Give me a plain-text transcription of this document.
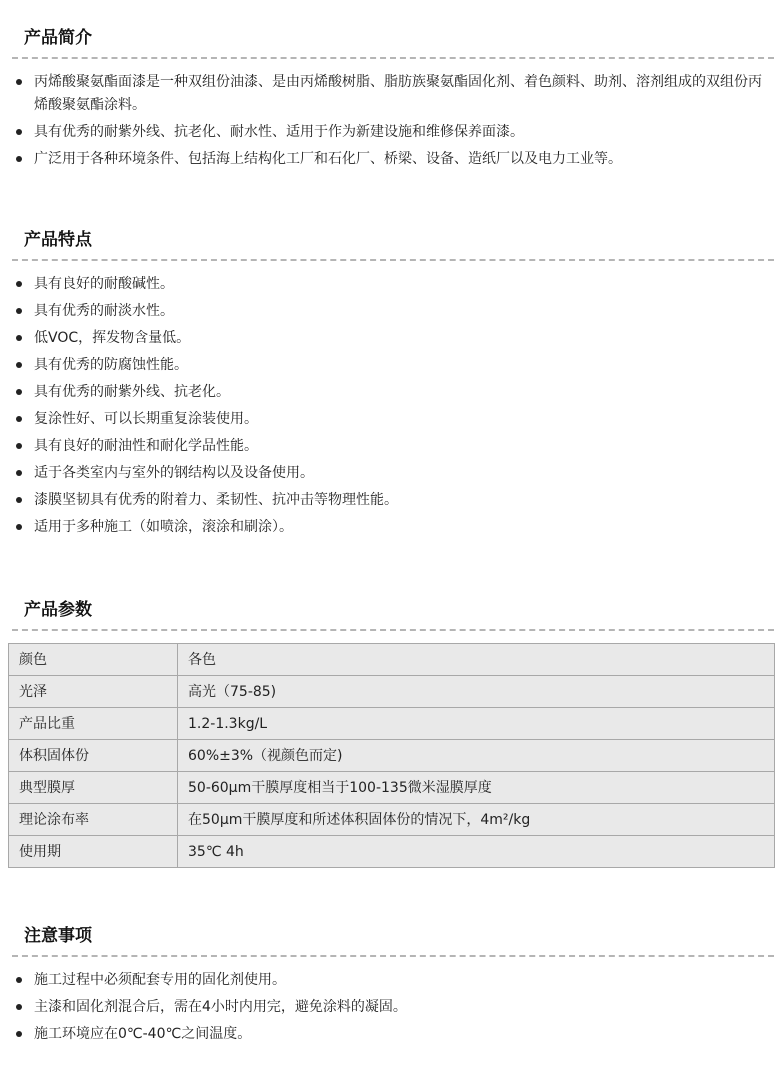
产品简介
丙烯酸聚氨酯面漆是一种双组份油漆、是由丙烯酸树脂、脂肪族聚氨酯固化剂、着色颜料、助剂、溶剂组成的双组份丙烯酸聚氨酯涂料。
具有优秀的耐紫外线、抗老化、耐水性、适用于作为新建设施和维修保养面漆。
广泛用于各种环境条件、包括海上结构化工厂和石化厂、桥梁、设备、造纸厂以及电力工业等。
产品特点
具有良好的耐酸碱性。
具有优秀的耐淡水性。
低VOC，挥发物含量低。
具有优秀的防腐蚀性能。
具有优秀的耐紫外线、抗老化。
复涂性好、可以长期重复涂装使用。
具有良好的耐油性和耐化学品性能。
适于各类室内与室外的钢结构以及设备使用。
漆膜坚韧具有优秀的附着力、柔韧性、抗冲击等物理性能。
适用于多种施工（如喷涂，滚涂和刷涂）。
产品参数
颜色	各色
光泽	高光（75-85)
产品比重	1.2-1.3kg/L
体积固体份	60%±3%（视颜色而定)
典型膜厚	50-60μm干膜厚度相当于100-135微米湿膜厚度
理论涂布率	在50μm干膜厚度和所述体积固体份的情况下，4m²/kg
使用期	35℃ 4h
注意事项
施工过程中必须配套专用的固化剂使用。
主漆和固化剂混合后，需在4小时内用完，避免涂料的凝固。
施工环境应在0℃-40℃之间温度。
